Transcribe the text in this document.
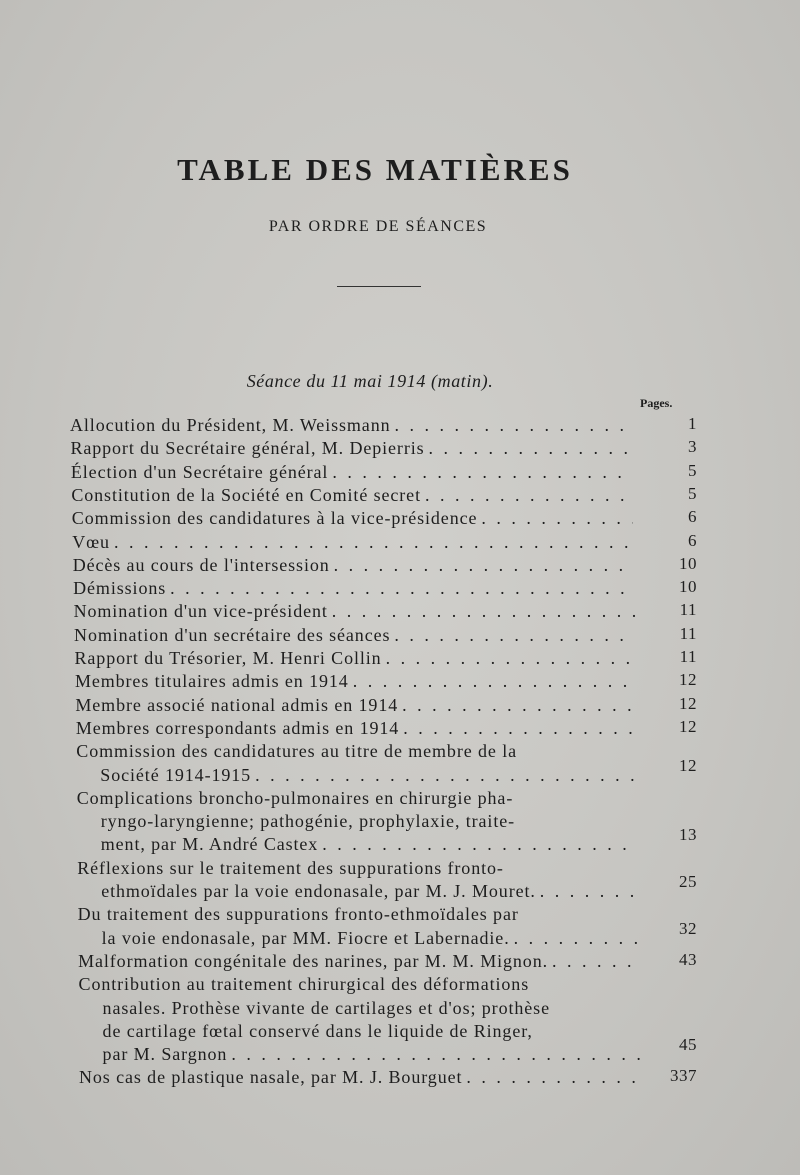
TABLE DES MATIÈRES
PAR ORDRE DE SÉANCES
Séance du 11 mai 1914 (matin).
Pages.
Allocution du Président, M. Weissmann . . .	1
Rapport du Secrétaire général, M. Depierris . . .	3
Élection d'un Secrétaire général . . .	5
Constitution de la Société en Comité secret . . .	5
Commission des candidatures à la vice-présidence . . .	6
Vœu . . .	6
Décès au cours de l'intersession . . .	10
Démissions . . .	10
Nomination d'un vice-président . . .	11
Nomination d'un secrétaire des séances . . .	11
Rapport du Trésorier, M. Henri Collin . . .	11
Membres titulaires admis en 1914 . . .	12
Membre associé national admis en 1914 . . .	12
Membres correspondants admis en 1914 . . .	12
Commission des candidatures au titre de membre de la
Société 1914-1915 . . .	12
Complications broncho-pulmonaires en chirurgie pha-
ryngo-laryngienne; pathogénie, prophylaxie, traite-
ment, par M. André Castex . . .	13
Réflexions sur le traitement des suppurations fronto-
ethmoïdales par la voie endonasale, par M. J. Mouret. . . .	25
Du traitement des suppurations fronto-ethmoïdales par
la voie endonasale, par MM. Fiocre et Labernadie. . . .	32
Malformation congénitale des narines, par M. M. Mignon. . . .	43
Contribution au traitement chirurgical des déformations
nasales. Prothèse vivante de cartilages et d'os; prothèse
de cartilage fœtal conservé dans le liquide de Ringer,
par M. Sargnon . . .	45
Nos cas de plastique nasale, par M. J. Bourguet . . .	337
